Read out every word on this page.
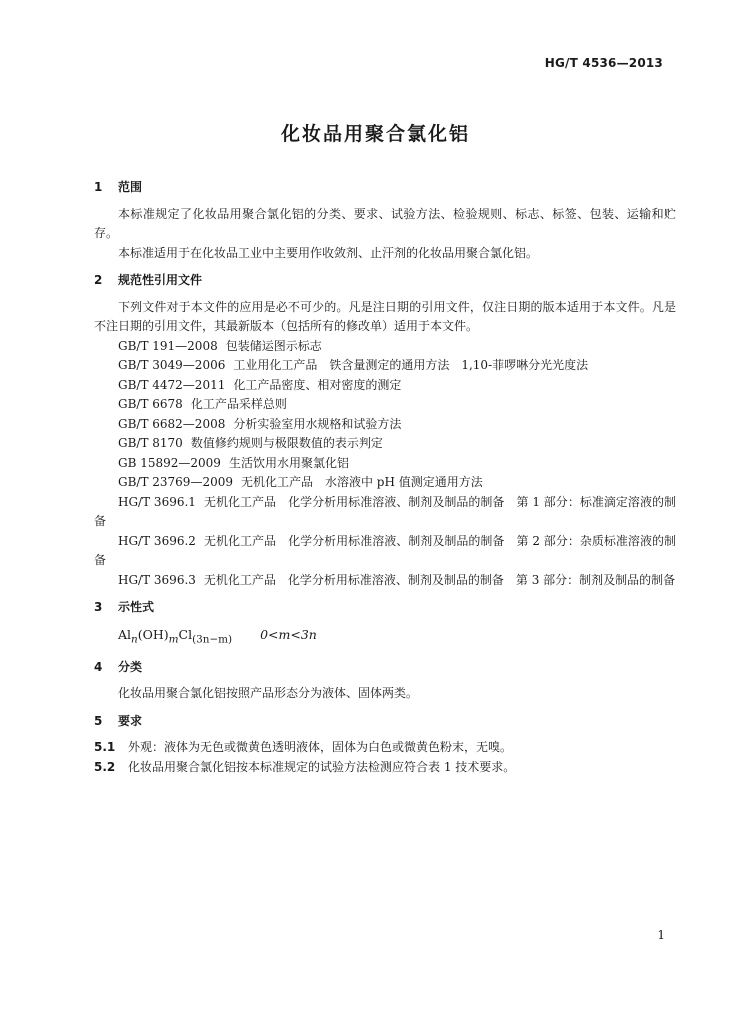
HG/T 4536—2013
化妆品用聚合氯化铝
1 范围

本标准规定了化妆品用聚合氯化铝的分类、要求、试验方法、检验规则、标志、标签、包装、运输和贮存。

本标准适用于在化妆品工业中主要用作收敛剂、止汗剂的化妆品用聚合氯化铝。

2 规范性引用文件

下列文件对于本文件的应用是必不可少的。凡是注日期的引用文件，仅注日期的版本适用于本文件。凡是不注日期的引用文件，其最新版本（包括所有的修改单）适用于本文件。

GB/T 191—2008 包装储运图示标志

GB/T 3049—2006 工业用化工产品　铁含量测定的通用方法　1,10-菲啰啉分光光度法

GB/T 4472—2011 化工产品密度、相对密度的测定

GB/T 6678 化工产品采样总则

GB/T 6682—2008 分析实验室用水规格和试验方法

GB/T 8170 数值修约规则与极限数值的表示判定

GB 15892—2009 生活饮用水用聚氯化铝

GB/T 23769—2009 无机化工产品　水溶液中 pH 值测定通用方法

HG/T 3696.1 无机化工产品　化学分析用标准溶液、制剂及制品的制备　第 1 部分：标准滴定溶液的制备

HG/T 3696.2 无机化工产品　化学分析用标准溶液、制剂及制品的制备　第 2 部分：杂质标准溶液的制备

HG/T 3696.3 无机化工产品　化学分析用标准溶液、制剂及制品的制备　第 3 部分：制剂及制品的制备

3 示性式
$Al_n(OH)_mCl_{(3n-m)}$ 0<m<3n
4 分类

化妆品用聚合氯化铝按照产品形态分为液体、固体两类。

5 要求

5.1 外观：液体为无色或微黄色透明液体，固体为白色或微黄色粉末，无嗅。

5.2 化妆品用聚合氯化铝按本标准规定的试验方法检测应符合表 1 技术要求。

1
